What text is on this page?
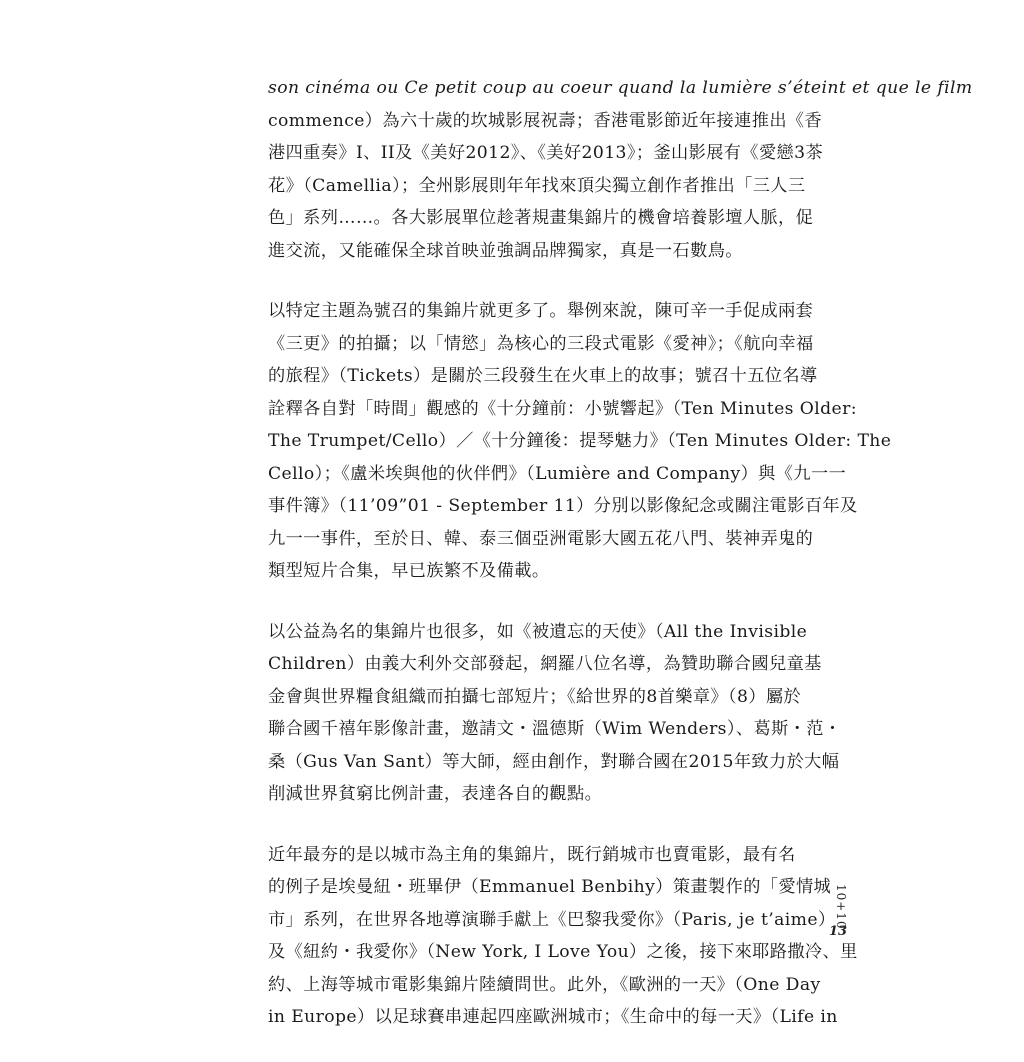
son cinéma ou Ce petit coup au coeur quand la lumière s’éteint et que le film
commence）為六十歲的坎城影展祝壽；香港電影節近年接連推出《香
港四重奏》I、II及《美好2012》、《美好2013》；釜山影展有《愛戀3茶
花》（Camellia）；全州影展則年年找來頂尖獨立創作者推出「三人三
色」系列……。各大影展單位趁著規畫集錦片的機會培養影壇人脈，促
進交流，又能確保全球首映並強調品牌獨家，真是一石數鳥。

以特定主題為號召的集錦片就更多了。舉例來說，陳可辛一手促成兩套
《三更》的拍攝；以「情慾」為核心的三段式電影《愛神》；《航向幸福
的旅程》（Tickets）是關於三段發生在火車上的故事；號召十五位名導
詮釋各自對「時間」觀感的《十分鐘前：小號響起》（Ten Minutes Older:
The Trumpet/Cello）／《十分鐘後：提琴魅力》（Ten Minutes Older: The
Cello）；《盧米埃與他的伙伴們》（Lumière and Company）與《九一一
事件簿》（11’09”01 - September 11）分別以影像紀念或關注電影百年及
九一一事件，至於日、韓、泰三個亞洲電影大國五花八門、裝神弄鬼的
類型短片合集，早已族繁不及備載。

以公益為名的集錦片也很多，如《被遺忘的天使》（All the Invisible
Children）由義大利外交部發起，網羅八位名導，為贊助聯合國兒童基
金會與世界糧食組織而拍攝七部短片；《給世界的8首樂章》（8）屬於
聯合國千禧年影像計畫，邀請文・溫德斯（Wim Wenders）、葛斯・范・
桑（Gus Van Sant）等大師，經由創作，對聯合國在2015年致力於大幅
削減世界貧窮比例計畫，表達各自的觀點。

近年最夯的是以城市為主角的集錦片，既行銷城市也賣電影，最有名
的例子是埃曼紐・班畢伊（Emmanuel Benbihy）策畫製作的「愛情城
市」系列，在世界各地導演聯手獻上《巴黎我愛你》（Paris, je t’aime）
及《紐約・我愛你》（New York, I Love You）之後，接下來耶路撒冷、里
約、上海等城市電影集錦片陸續問世。此外，《歐洲的一天》（One Day
in Europe）以足球賽串連起四座歐洲城市；《生命中的每一天》（Life in

10+10
13
